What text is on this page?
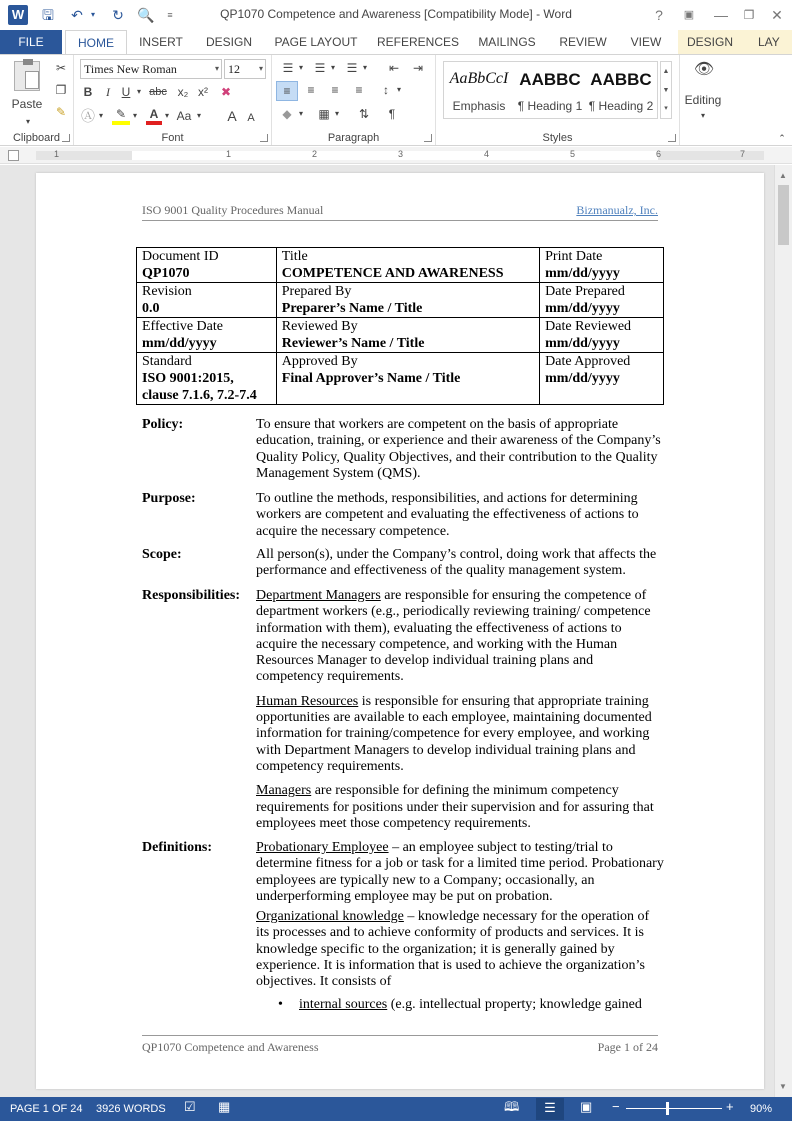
W 🖫	↶	▾ ↻ 🔍	≡	QP1070 Competence and Awareness [Compatibility Mode] - Word	?	▣	—	❐	✕
FILE	HOME	INSERT	DESIGN	PAGE LAYOUT	REFERENCES	MAILINGS	REVIEW	VIEW	DESIGN	LAY
Paste
▾
✂
❐
✎
Clipboard
Times New Roman	▾ 12 ▾
B	I U ▾ abc x₂ x²	✖
Ⓐ ▾	✎ ▾	A ▾ Aa ▾ A A
Font
☰ ▾ ☰ ▾ ☰ ▾	⇤	⇥
≡	≡	≡	≡	↕ ▾
◆ ▾	▦ ▾	⇅	¶
Paragraph	Styles
AaBbCcI
Emphasis
AABBC
¶ Heading 1
AABBC
¶ Heading 2
▲
▼
▾
👁
Editing
▾
⌃
1	1	2	3	4	5	6	7
ISO 9001 Quality Procedures Manual	Bizmanualz, Inc.
Document ID
QP1070	Title
COMPETENCE AND AWARENESS	Print Date
mm/dd/yyyy

Revision
0.0	Prepared By
Preparer’s Name / Title	Date Prepared
mm/dd/yyyy

Effective Date
mm/dd/yyyy	Reviewed By
Reviewer’s Name / Title	Date Reviewed
mm/dd/yyyy

Standard
ISO 9001:2015, clause 7.1.6, 7.2-7.4	Approved By
Final Approver’s Name / Title	Date Approved
mm/dd/yyyy
Policy:	To ensure that workers are competent on the basis of appropriate education, training, or experience and their awareness of the Company’s Quality Policy, Quality Objectives, and their contribution to the Quality Management System (QMS).
Purpose:	To outline the methods, responsibilities, and actions for determining workers are competent and evaluating the effectiveness of actions to acquire the necessary competence.
Scope:	All person(s), under the Company’s control, doing work that affects the performance and effectiveness of the quality management system.
Responsibilities:	Department Managers are responsible for ensuring the competence of department workers (e.g., periodically reviewing training/ competence information with them), evaluating the effectiveness of actions to acquire the necessary competence, and working with the Human Resources Manager to develop individual training plans and competency requirements.

Human Resources is responsible for ensuring that appropriate training opportunities are available to each employee, maintaining documented information for training/competence for every employee, and working with Department Managers to develop individual training plans and competency requirements.

Managers are responsible for defining the minimum competency requirements for positions under their supervision and for assuring that employees meet those competency requirements.

Definitions:	Probationary Employee – an employee subject to testing/trial to determine fitness for a job or task for a limited time period. Probationary employees are typically new to a Company; occasionally, an underperforming employee may be put on probation.

Organizational knowledge – knowledge necessary for the operation of its processes and to achieve conformity of products and services. It is knowledge specific to the organization; it is generally gained by experience. It is information that is used to achieve the organization’s objectives. It consists of

• internal sources (e.g. intellectual property; knowledge gained
QP1070 Competence and Awareness	Page 1 of 24
▲
▼
PAGE 1 OF 24 3926 WORDS ☑ ▦	🕮	☰	▣ −	+ 90%
